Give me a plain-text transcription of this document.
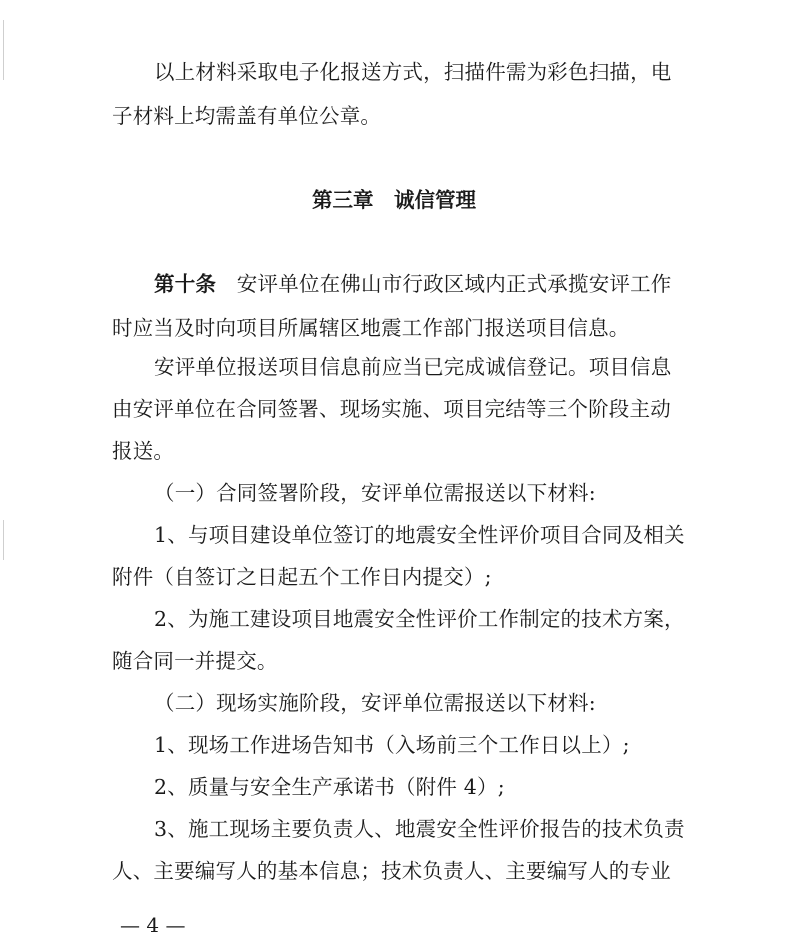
以上材料采取电子化报送方式，扫描件需为彩色扫描，电
子材料上均需盖有单位公章。
第三章　诚信管理
第十条　安评单位在佛山市行政区域内正式承揽安评工作
时应当及时向项目所属辖区地震工作部门报送项目信息。
安评单位报送项目信息前应当已完成诚信登记。项目信息
由安评单位在合同签署、现场实施、项目完结等三个阶段主动
报送。
（一）合同签署阶段，安评单位需报送以下材料:
1、与项目建设单位签订的地震安全性评价项目合同及相关
附件（自签订之日起五个工作日内提交）;
2、为施工建设项目地震安全性评价工作制定的技术方案，
随合同一并提交。
（二）现场实施阶段，安评单位需报送以下材料:
1、现场工作进场告知书（入场前三个工作日以上）;
2、质量与安全生产承诺书（附件 4）;
3、施工现场主要负责人、地震安全性评价报告的技术负责
人、主要编写人的基本信息；技术负责人、主要编写人的专业
— 4 —
